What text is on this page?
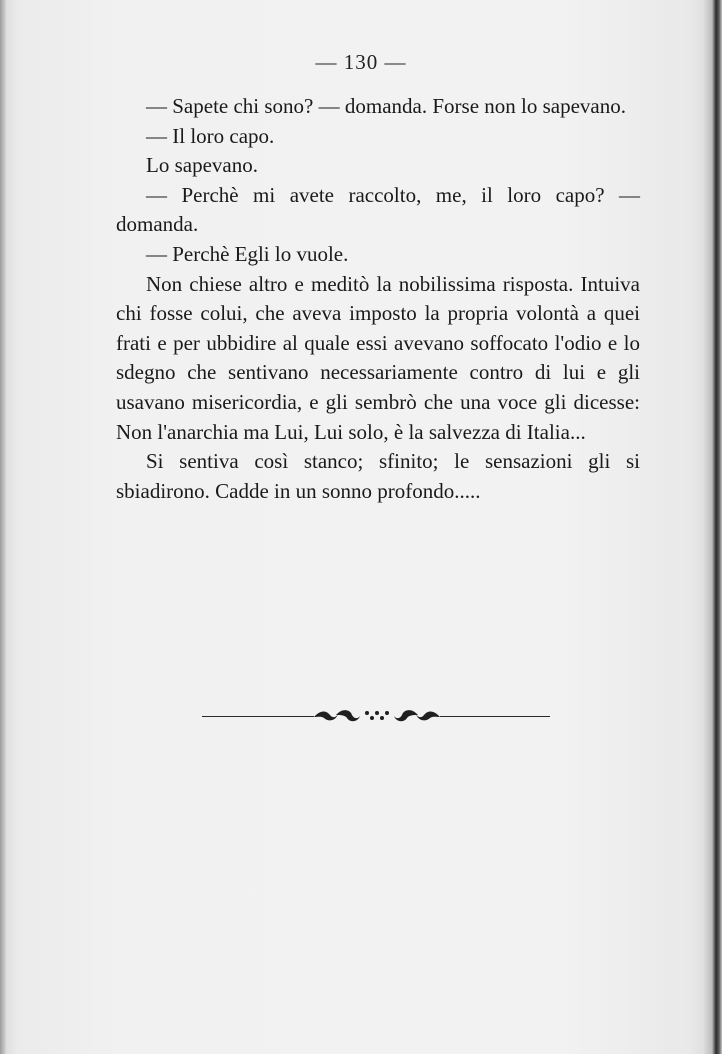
— 130 —

— Sapete chi sono? — domanda. Forse non lo sapevano.

— Il loro capo.

Lo sapevano.

— Perchè mi avete raccolto, me, il loro capo? — domanda.

— Perchè Egli lo vuole.

Non chiese altro e meditò la nobilissima risposta. Intuiva chi fosse colui, che aveva imposto la propria volontà a quei frati e per ubbidire al quale essi avevano soffocato l'odio e lo sdegno che sentivano necessariamente contro di lui e gli usavano misericordia, e gli sembrò che una voce gli dicesse: Non l'anarchia ma Lui, Lui solo, è la salvezza di Italia...

Si sentiva così stanco; sfinito; le sensazioni gli si sbiadirono. Cadde in un sonno profondo.....
